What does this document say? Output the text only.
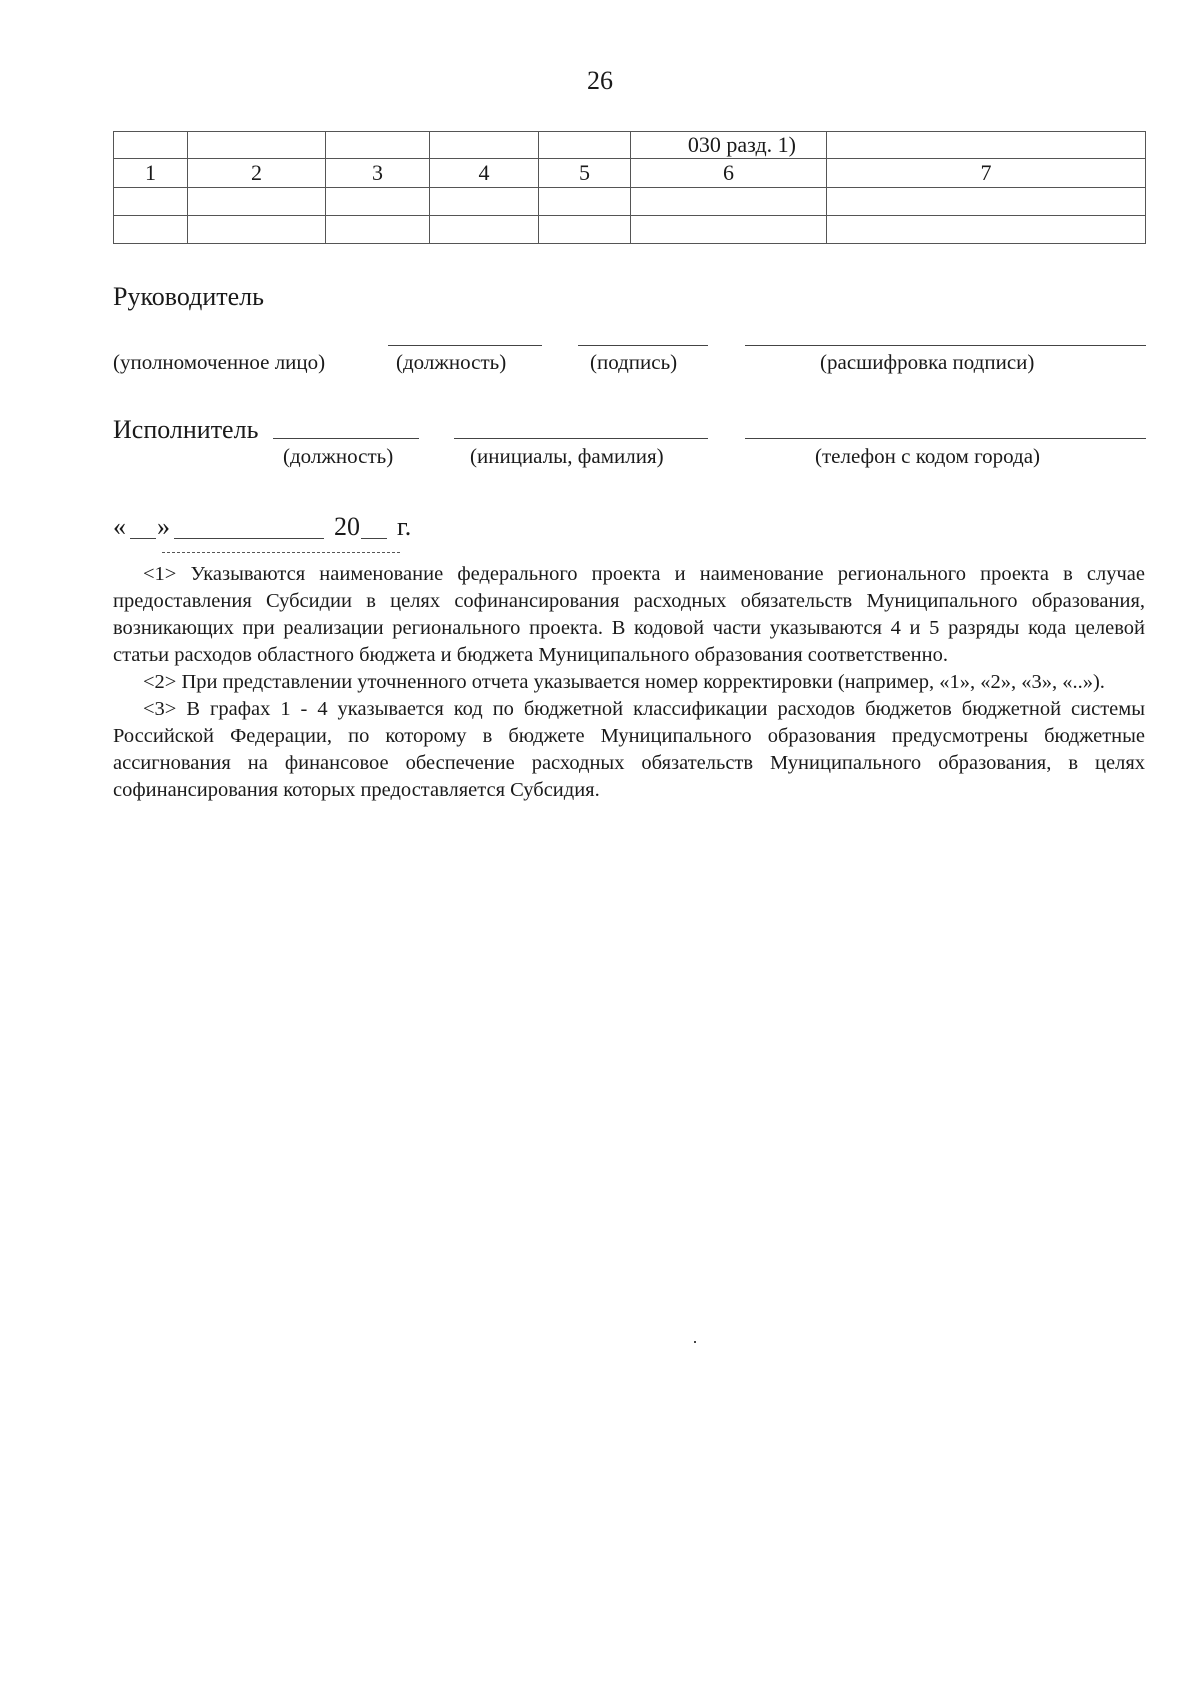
26
					030 разд. 1)	
1	2	3	4	5	6	7

Руководитель
(уполномоченное лицо)	(должность)	(подпись)	(расшифровка подписи)
Исполнитель
(должность)	(инициалы, фамилия)	(телефон с кодом города)
« »	20 г.

<1> Указываются наименование федерального проекта и наименование регионального проекта в случае предоставления Субсидии в целях софинансирования расходных обязательств Муниципального образования, возникающих при реализации регионального проекта. В кодовой части указываются 4 и 5 разряды кода целевой статьи расходов областного бюджета и бюджета Муниципального образования соответственно.

<2> При представлении уточненного отчета указывается номер корректировки (например, «1», «2», «3», «..»).

<3> В графах 1 - 4 указывается код по бюджетной классификации расходов бюджетов бюджетной системы Российской Федерации, по которому в бюджете Муниципального образования предусмотрены бюджетные ассигнования на финансовое обеспечение расходных обязательств Муниципального образования, в целях софинансирования которых предоставляется Субсидия.
